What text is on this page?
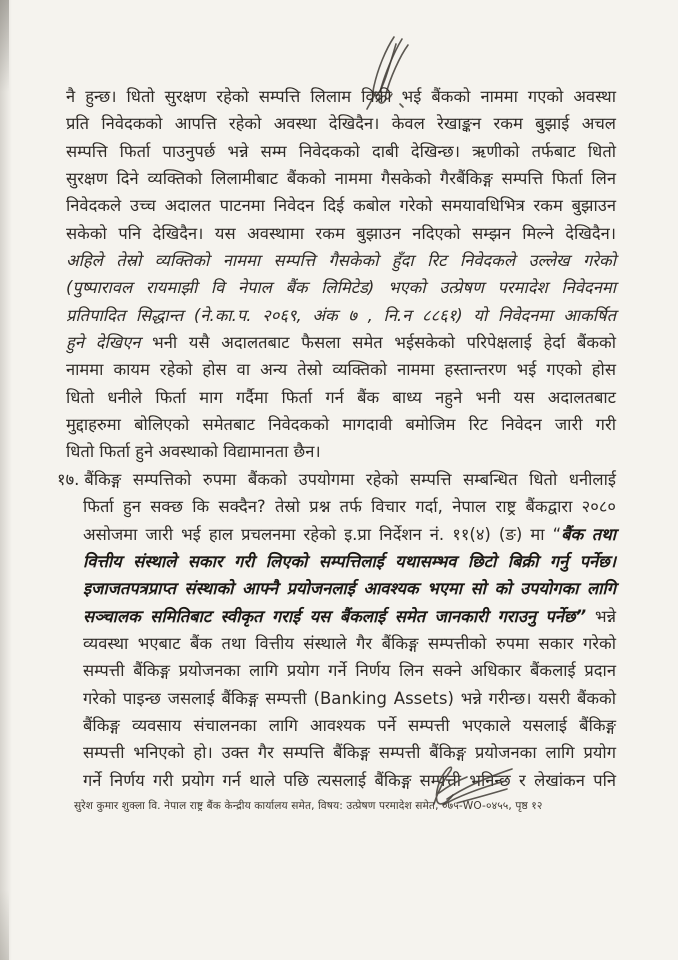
नै हुन्छ। धितो सुरक्षण रहेको सम्पत्ति लिलाम विक्री भई बैंकको नाममा गएको अवस्था
प्रति निवेदकको आपत्ति रहेको अवस्था देखिदैन। केवल रेखाङ्कन रकम बुझाई अचल
सम्पत्ति फिर्ता पाउनुपर्छ भन्ने सम्म निवेदकको दाबी देखिन्छ। ऋणीको तर्फबाट धितो
सुरक्षण दिने व्यक्तिको लिलामीबाट बैंकको नाममा गैसकेको गैरबैंकिङ्ग सम्पत्ति फिर्ता लिन
निवेदकले उच्च अदालत पाटनमा निवेदन दिई कबोल गरेको समयावधिभित्र रकम बुझाउन
सकेको पनि देखिदैन। यस अवस्थामा रकम बुझाउन नदिएको सम्झन मिल्ने देखिदैन।
अहिले तेस्रो व्यक्तिको नाममा सम्पत्ति गैसकेको हुँदा रिट निवेदकले उल्लेख गरेको
(पुष्पारावल रायमाझी वि नेपाल बैंक लिमिटेड) भएको उत्प्रेषण परमादेश निवेदनमा
प्रतिपादित सिद्धान्त (ने.का.प. २०६९, अंक ७ , नि.न ८८६१) यो निवेदनमा आकर्षित
हुने देखिएन भनी यसै अदालतबाट फैसला समेत भईसकेको परिपेक्षलाई हेर्दा बैंकको
नाममा कायम रहेको होस वा अन्य तेस्रो व्यक्तिको नाममा हस्तान्तरण भई गएको होस
धितो धनीले फिर्ता माग गर्दैमा फिर्ता गर्न बैंक बाध्य नहुने भनी यस अदालतबाट
मुद्दाहरुमा बोलिएको समेतबाट निवेदकको मागदावी बमोजिम रिट निवेदन जारी गरी
धितो फिर्ता हुने अवस्थाको विद्यामानता छैन।
१७. बैंकिङ्ग सम्पत्तिको रुपमा बैंकको उपयोगमा रहेको सम्पत्ति सम्बन्धित धितो धनीलाई
फिर्ता हुन सक्छ कि सक्दैन? तेस्रो प्रश्न तर्फ विचार गर्दा, नेपाल राष्ट्र बैंकद्वारा २०८०
असोजमा जारी भई हाल प्रचलनमा रहेको इ.प्रा निर्देशन नं. ११(४) (ङ) मा “बैंक तथा
वित्तीय संस्थाले सकार गरी लिएको सम्पत्तिलाई यथासम्भव छिटो बिक्री गर्नु पर्नेछ।
इजाजतपत्रप्राप्त संस्थाको आफ्नै प्रयोजनलाई आवश्यक भएमा सो को उपयोगका लागि
सञ्चालक समितिबाट स्वीकृत गराई यस बैंकलाई समेत जानकारी गराउनु पर्नेछ” भन्ने
व्यवस्था भएबाट बैंक तथा वित्तीय संस्थाले गैर बैंकिङ्ग सम्पत्तीको रुपमा सकार गरेको
सम्पत्ती बैंकिङ्ग प्रयोजनका लागि प्रयोग गर्ने निर्णय लिन सक्ने अधिकार बैंकलाई प्रदान
गरेको पाइन्छ जसलाई बैंकिङ्ग सम्पत्ती (Banking Assets) भन्ने गरीन्छ। यसरी बैंकको
बैंकिङ्ग व्यवसाय संचालनका लागि आवश्यक पर्ने सम्पत्ती भएकाले यसलाई बैंकिङ्ग
सम्पत्ती भनिएको हो। उक्त गैर सम्पत्ति बैंकिङ्ग सम्पत्ती बैंकिङ्ग प्रयोजनका लागि प्रयोग
गर्ने निर्णय गरी प्रयोग गर्न थाले पछि त्यसलाई बैंकिङ्ग सम्पत्ती भनिन्छ र लेखांकन पनि
सुरेश कुमार शुक्ला वि. नेपाल राष्ट्र बैंक केन्द्रीय कार्यालय समेत, विषय: उत्प्रेषण परमादेश समेत, ०७५-WO-०४५५, पृष्ठ १२
